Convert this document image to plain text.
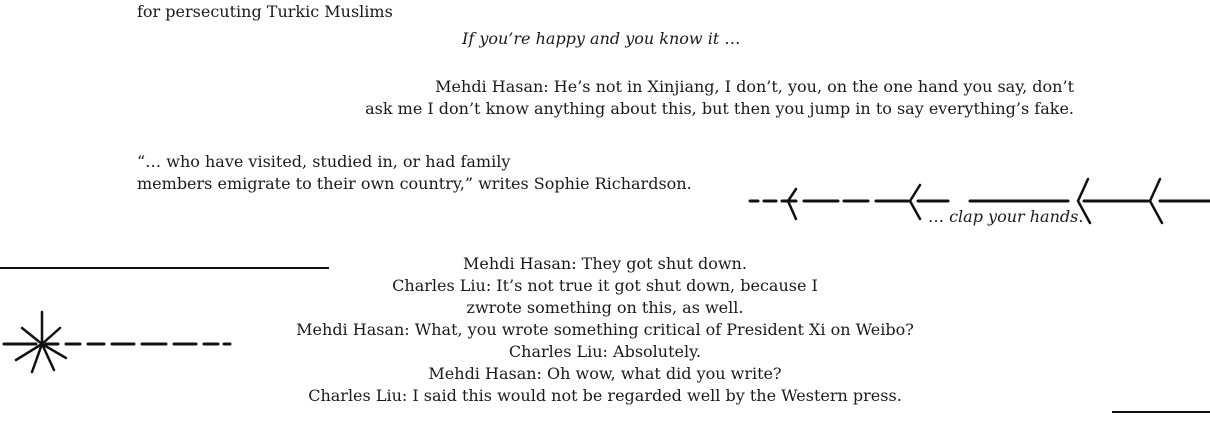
for persecuting Turkic Muslims
If you’re happy and you know it …
Mehdi Hasan: He’s not in Xinjiang, I don’t, you, on the one hand you say, don’t
ask me I don’t know anything about this, but then you jump in to say everything’s fake.
“… who have visited, studied in, or had family
members emigrate to their own country,” writes Sophie Richardson.
… clap your hands.
Mehdi Hasan: They got shut down.
Charles Liu: It’s not true it got shut down, because I
zwrote something on this, as well.
Mehdi Hasan: What, you wrote something critical of President Xi on Weibo?
Charles Liu: Absolutely.
Mehdi Hasan: Oh wow, what did you write?
Charles Liu: I said this would not be regarded well by the Western press.
